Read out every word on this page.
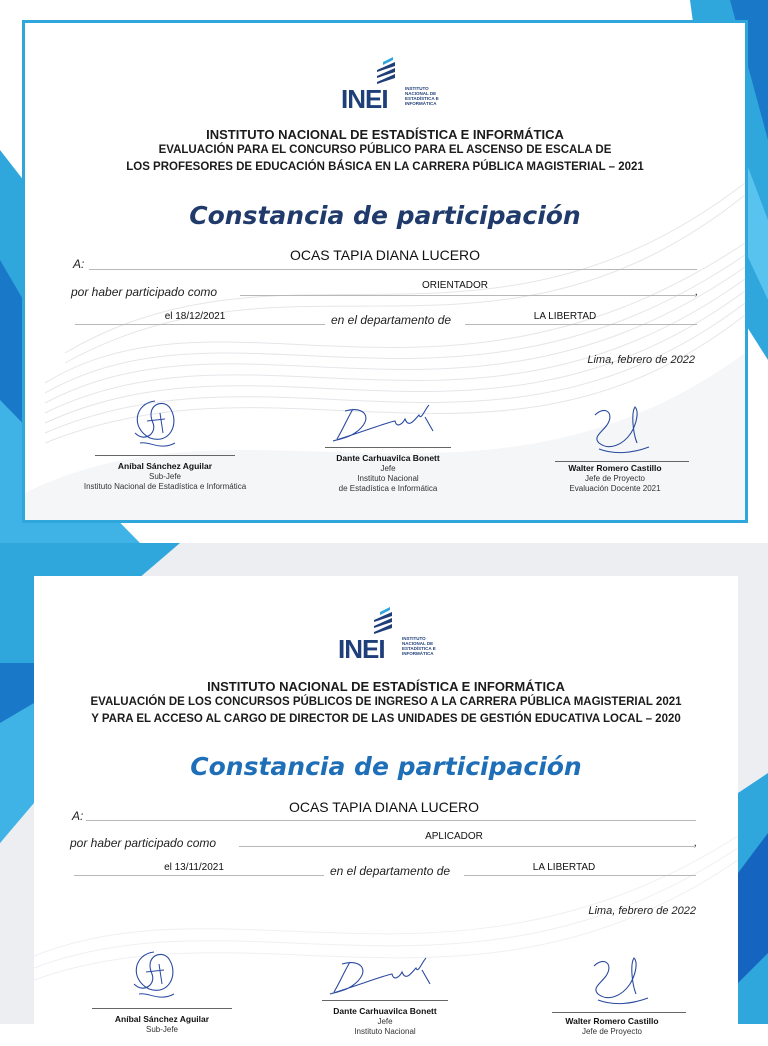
INEI	INSTITUTO NACIONAL DE ESTADÍSTICA E INFORMÁTICA
INSTITUTO NACIONAL DE ESTADÍSTICA E INFORMÁTICA
EVALUACIÓN PARA EL CONCURSO PÚBLICO PARA EL ASCENSO DE ESCALA DE
LOS PROFESORES DE EDUCACIÓN BÁSICA EN LA CARRERA PÚBLICA MAGISTERIAL – 2021
Constancia de participación
A:
OCAS TAPIA DIANA LUCERO
por haber participado como	ORIENTADOR	,
el 18/12/2021	en el departamento de	LA LIBERTAD
Lima, febrero de 2022
Aníbal Sánchez Aguilar
Sub-Jefe
Instituto Nacional de Estadística e Informática
Dante Carhuavilca Bonett
Jefe
Instituto Nacional
de Estadística e Informática
Walter Romero Castillo
Jefe de Proyecto
Evaluación Docente 2021
INEI	INSTITUTO NACIONAL DE ESTADÍSTICA E INFORMÁTICA
INSTITUTO NACIONAL DE ESTADÍSTICA E INFORMÁTICA
EVALUACIÓN DE LOS CONCURSOS PÚBLICOS DE INGRESO A LA CARRERA PÚBLICA MAGISTERIAL 2021
Y PARA EL ACCESO AL CARGO DE DIRECTOR DE LAS UNIDADES DE GESTIÓN EDUCATIVA LOCAL – 2020
Constancia de participación
A:
OCAS TAPIA DIANA LUCERO
por haber participado como	APLICADOR	,
el 13/11/2021	en el departamento de	LA LIBERTAD
Lima, febrero de 2022
Aníbal Sánchez Aguilar
Sub-Jefe
Dante Carhuavilca Bonett
Jefe
Instituto Nacional
Walter Romero Castillo
Jefe de Proyecto
